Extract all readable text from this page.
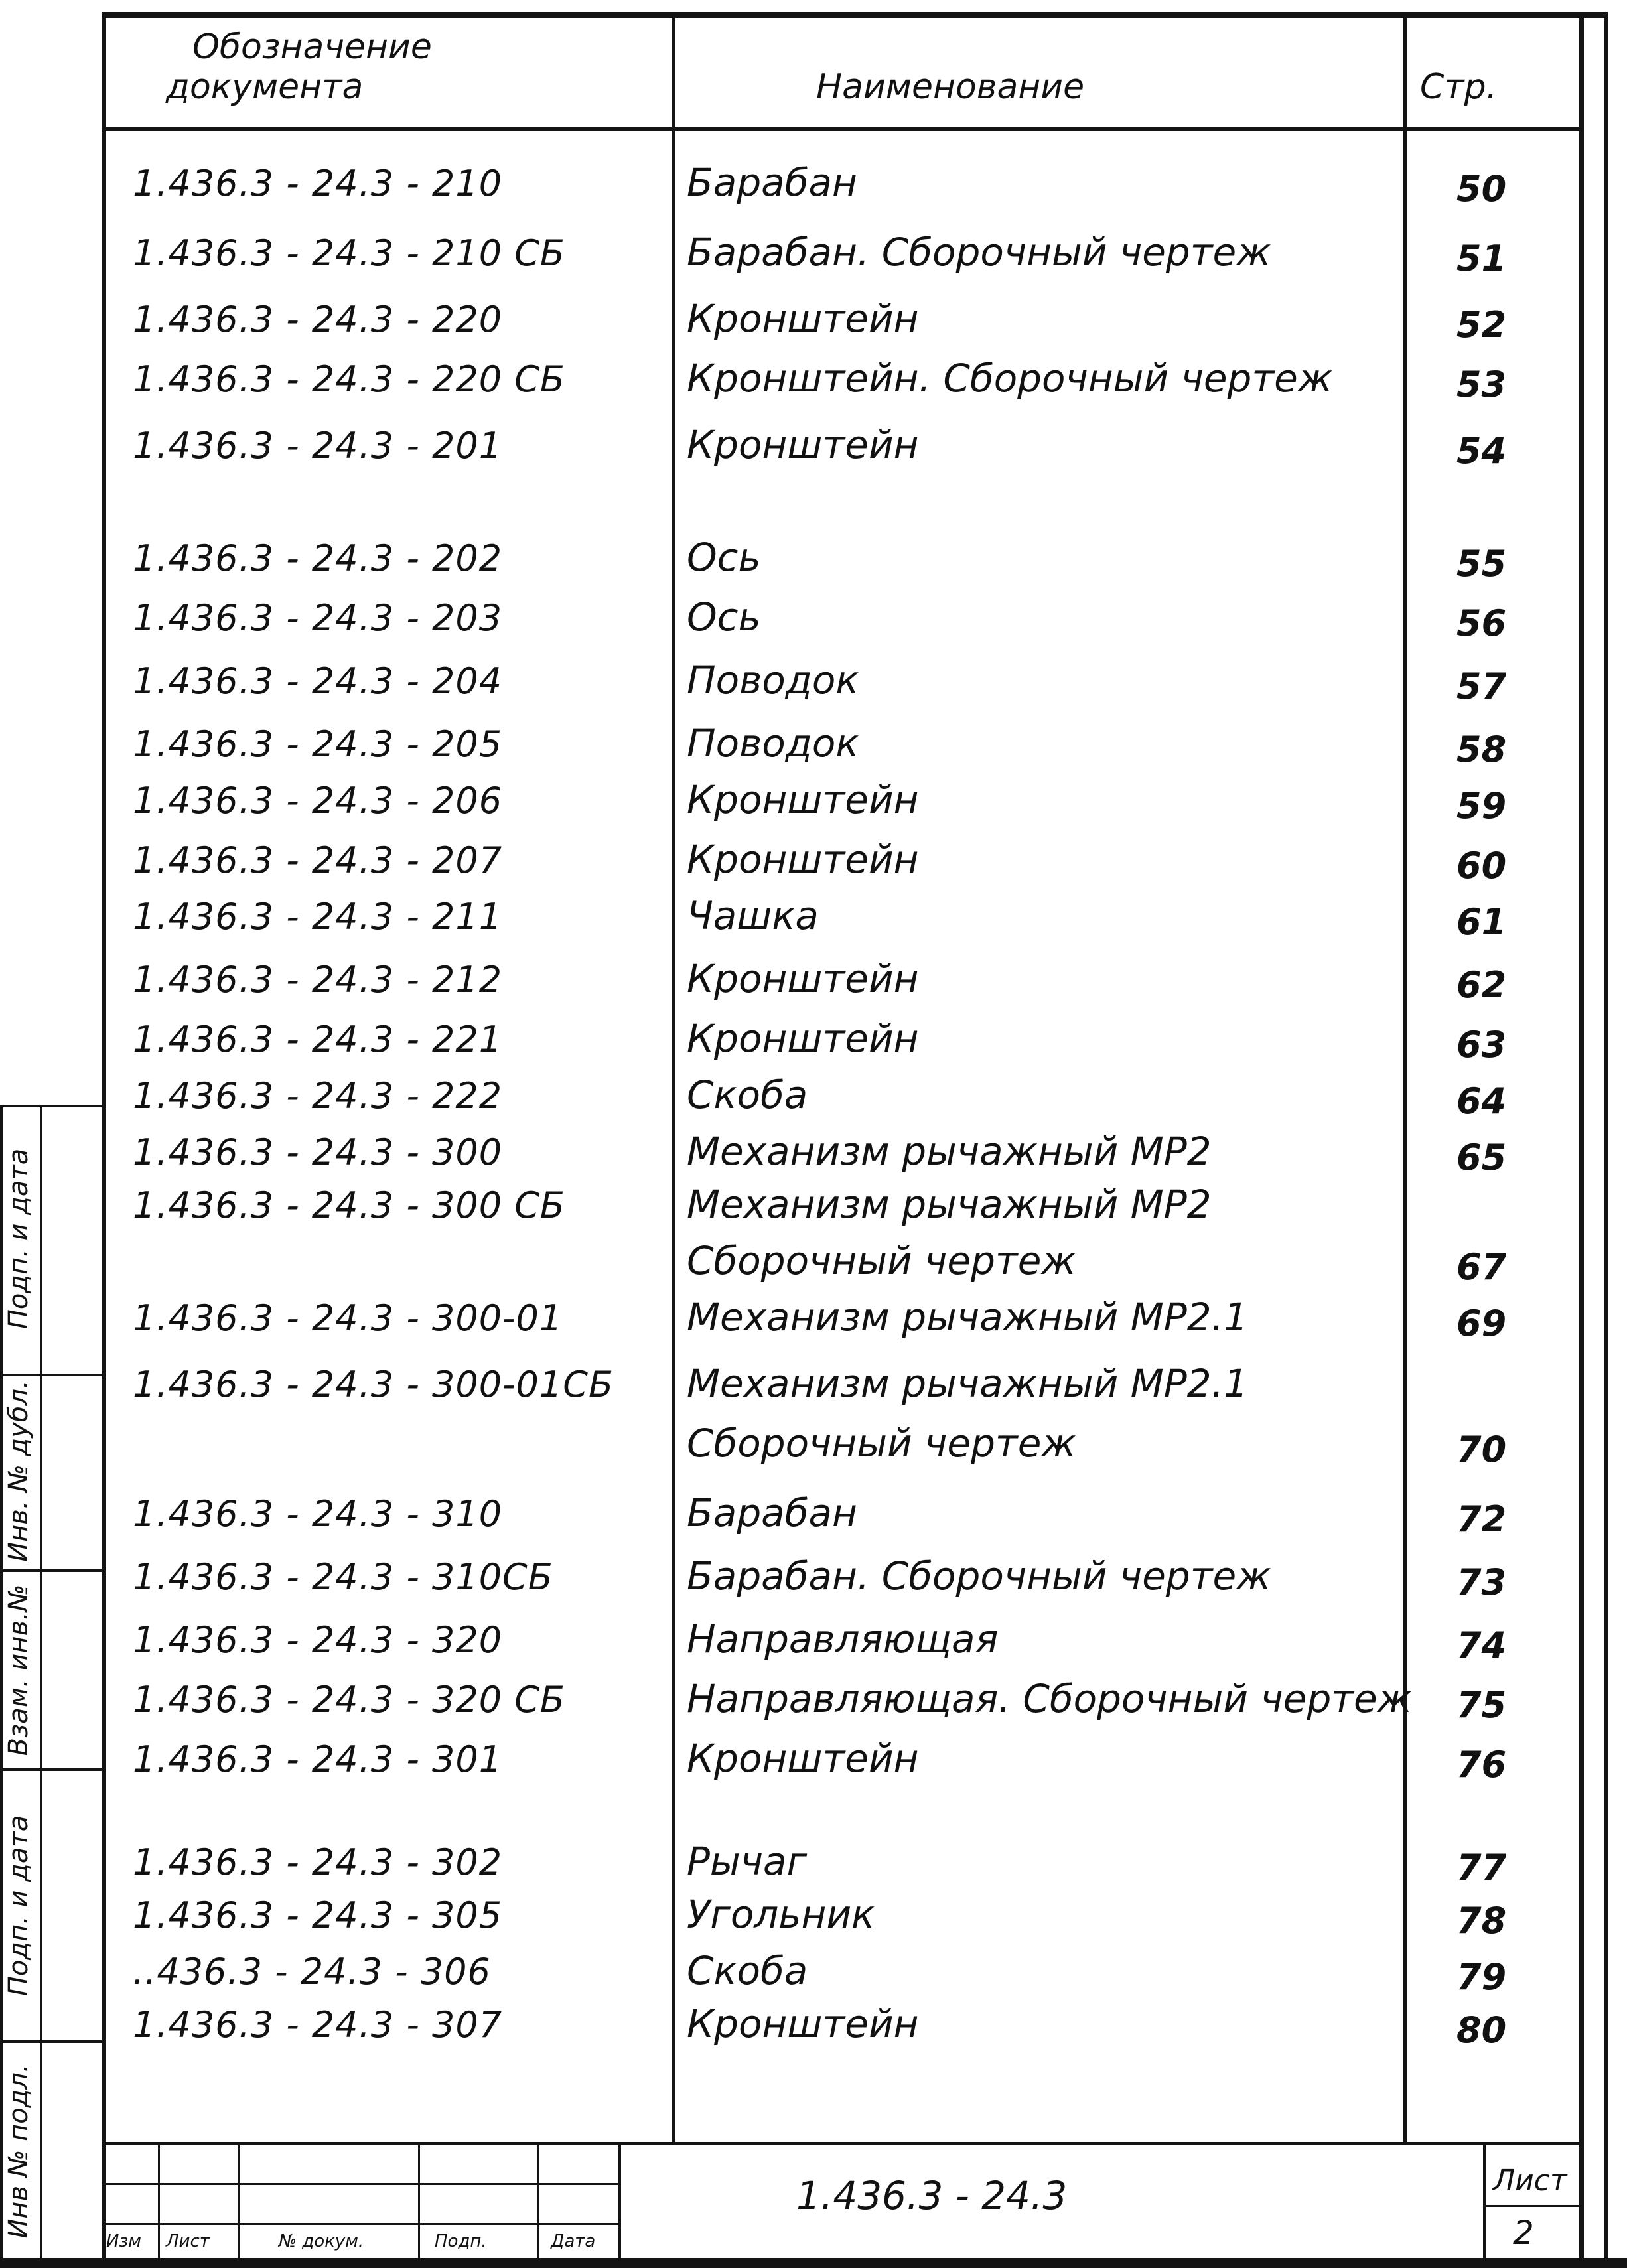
Обозначение
документа	Наименование	Стр.
1.436.3 - 24.3 - 210	Барабан	50
1.436.3 - 24.3 - 210 СБ	Барабан. Сборочный чертеж	51
1.436.3 - 24.3 - 220	Кронштейн	52
1.436.3 - 24.3 - 220 СБ	Кронштейн. Сборочный чертеж	53
1.436.3 - 24.3 - 201	Кронштейн	54
1.436.3 - 24.3 - 202	Ось	55
1.436.3 - 24.3 - 203	Ось	56
1.436.3 - 24.3 - 204	Поводок	57
1.436.3 - 24.3 - 205	Поводок	58
1.436.3 - 24.3 - 206	Кронштейн	59
1.436.3 - 24.3 - 207	Кронштейн	60
1.436.3 - 24.3 - 211	Чашка	61
1.436.3 - 24.3 - 212	Кронштейн	62
1.436.3 - 24.3 - 221	Кронштейн	63
1.436.3 - 24.3 - 222	Скоба	64
1.436.3 - 24.3 - 300	Механизм рычажный МР2	65
1.436.3 - 24.3 - 300 СБ	Механизм рычажный МР2
Сборочный чертеж	67
1.436.3 - 24.3 - 300-01	Механизм рычажный МР2.1	69
1.436.3 - 24.3 - 300-01СБ Механизм рычажный МР2.1
Сборочный чертеж	70
1.436.3 - 24.3 - 310	Барабан	72
1.436.3 - 24.3 - 310СБ	Барабан. Сборочный чертеж	73
1.436.3 - 24.3 - 320	Направляющая	74
1.436.3 - 24.3 - 320 СБ	Направляющая. Сборочный чертеж 75
1.436.3 - 24.3 - 301	Кронштейн	76
1.436.3 - 24.3 - 302	Рычаг	77
1.436.3 - 24.3 - 305	Угольник	78
..436.3 - 24.3 - 306	Скоба	79
1.436.3 - 24.3 - 307	Кронштейн	80
Инв № подл.
Подп. и дата
Взам. инв.№
Инв. № дубл.
Подп. и дата
Изм Лист	№ докум.	Подп.	Дата
1.436.3 - 24.3	Лист
2
